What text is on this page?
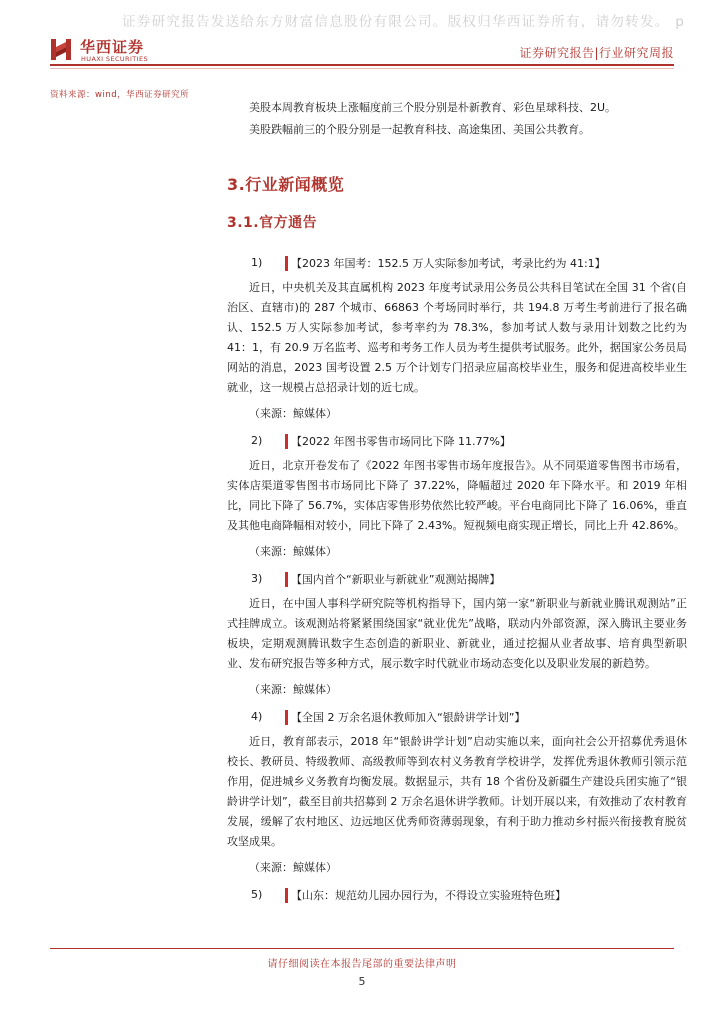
证券研究报告发送给东方财富信息股份有限公司。版权归华西证券所有，请勿转发。 p
华西证券
HUAXI SECURITIES	证券研究报告|行业研究周报
资料来源：wind，华西证券研究所

美股本周教育板块上涨幅度前三个股分别是朴新教育、彩色星球科技、2U。

美股跌幅前三的个股分别是一起教育科技、高途集团、美国公共教育。

3.行业新闻概览

3.1.官方通告

1)	【2023 年国考：152.5 万人实际参加考试，考录比约为 41:1】

近日，中央机关及其直属机构 2023 年度考试录用公务员公共科目笔试在全国 31 个省(自治区、直辖市)的 287 个城市、66863 个考场同时举行，共 194.8 万考生考前进行了报名确认、152.5 万人实际参加考试，参考率约为 78.3%，参加考试人数与录用计划数之比约为 41：1，有 20.9 万名监考、巡考和考务工作人员为考生提供考试服务。此外，据国家公务员局网站的消息，2023 国考设置 2.5 万个计划专门招录应届高校毕业生，服务和促进高校毕业生就业，这一规模占总招录计划的近七成。

（来源：鲸媒体）

2)	【2022 年图书零售市场同比下降 11.77%】

近日，北京开卷发布了《2022 年图书零售市场年度报告》。从不同渠道零售图书市场看，实体店渠道零售图书市场同比下降了 37.22%，降幅超过 2020 年下降水平。和 2019 年相比，同比下降了 56.7%，实体店零售形势依然比较严峻。平台电商同比下降了 16.06%，垂直及其他电商降幅相对较小，同比下降了 2.43%。短视频电商实现正增长，同比上升 42.86%。

（来源：鲸媒体）

3)	【国内首个“新职业与新就业”观测站揭牌】

近日，在中国人事科学研究院等机构指导下，国内第一家“新职业与新就业腾讯观测站”正式挂牌成立。该观测站将紧紧围绕国家“就业优先”战略，联动内外部资源，深入腾讯主要业务板块，定期观测腾讯数字生态创造的新职业、新就业，通过挖掘从业者故事、培育典型新职业、发布研究报告等多种方式，展示数字时代就业市场动态变化以及职业发展的新趋势。

（来源：鲸媒体）

4)	【全国 2 万余名退休教师加入“银龄讲学计划”】

近日，教育部表示，2018 年“银龄讲学计划”启动实施以来，面向社会公开招募优秀退休校长、教研员、特级教师、高级教师等到农村义务教育学校讲学，发挥优秀退休教师引领示范作用，促进城乡义务教育均衡发展。数据显示，共有 18 个省份及新疆生产建设兵团实施了“银龄讲学计划”，截至目前共招募到 2 万余名退休讲学教师。计划开展以来，有效推动了农村教育发展，缓解了农村地区、边远地区优秀师资薄弱现象，有利于助力推动乡村振兴衔接教育脱贫攻坚成果。

（来源：鲸媒体）

5)	【山东：规范幼儿园办园行为，不得设立实验班特色班】

请仔细阅读在本报告尾部的重要法律声明
5
